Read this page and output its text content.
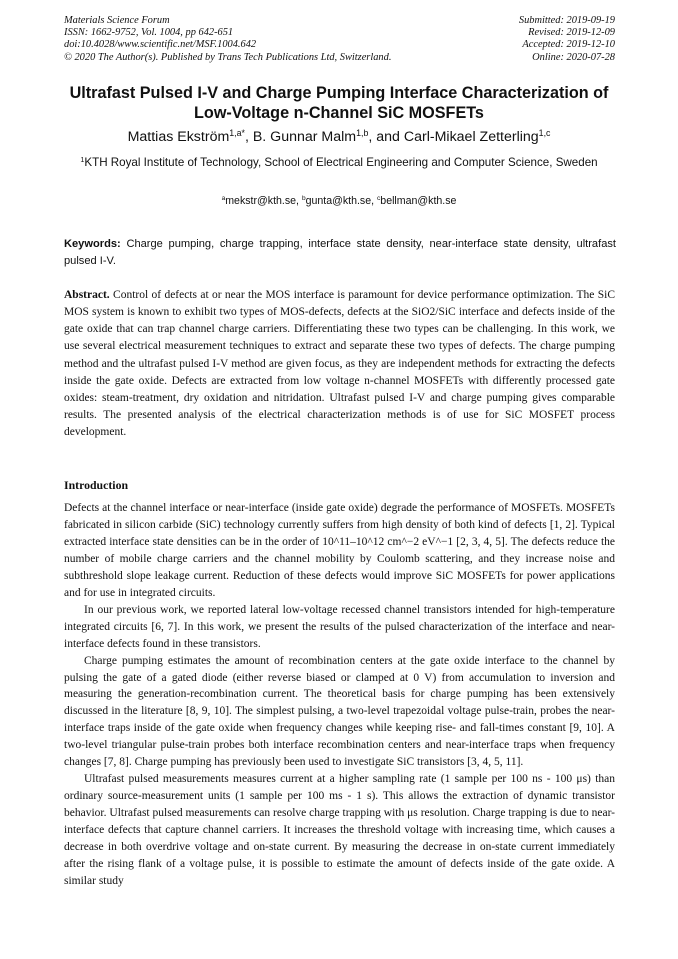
Materials Science Forum
ISSN: 1662-9752, Vol. 1004, pp 642-651
doi:10.4028/www.scientific.net/MSF.1004.642
© 2020 The Author(s). Published by Trans Tech Publications Ltd, Switzerland.
Submitted: 2019-09-19
Revised: 2019-12-09
Accepted: 2019-12-10
Online: 2020-07-28
Ultrafast Pulsed I-V and Charge Pumping Interface Characterization of
Low-Voltage n-Channel SiC MOSFETs
Mattias Ekström$^{1,a*}$, B. Gunnar Malm$^{1,b}$, and Carl-Mikael Zetterling$^{1,c}$
$^1$KTH Royal Institute of Technology, School of Electrical Engineering and Computer Science, Sweden
$^a$mekstr@kth.se, $^b$gunta@kth.se, $^c$bellman@kth.se
Keywords: Charge pumping, charge trapping, interface state density, near-interface state density, ultrafast pulsed I-V.
Abstract. Control of defects at or near the MOS interface is paramount for device performance optimization. The SiC MOS system is known to exhibit two types of MOS-defects, defects at the SiO2/SiC interface and defects inside of the gate oxide that can trap channel charge carriers. Differentiating these two types can be challenging. In this work, we use several electrical measurement techniques to extract and separate these two types of defects. The charge pumping method and the ultrafast pulsed I-V method are given focus, as they are independent methods for extracting the defects inside the gate oxide. Defects are extracted from low voltage n-channel MOSFETs with differently processed gate oxides: steam-treatment, dry oxidation and nitridation. Ultrafast pulsed I-V and charge pumping gives comparable results. The presented analysis of the electrical characterization methods is of use for SiC MOSFET process development.
Introduction

Defects at the channel interface or near-interface (inside gate oxide) degrade the performance of MOSFETs. MOSFETs fabricated in silicon carbide (SiC) technology currently suffers from high density of both kind of defects [1, 2]. Typical extracted interface state densities can be in the order of 10^11–10^12 cm^−2 eV^−1 [2, 3, 4, 5]. The defects reduce the number of mobile charge carriers and the channel mobility by Coulomb scattering, and they increase noise and subthreshold slope leakage current. Reduction of these defects would improve SiC MOSFETs for power applications and for use in integrated circuits.

In our previous work, we reported lateral low-voltage recessed channel transistors intended for high-temperature integrated circuits [6, 7]. In this work, we present the results of the pulsed characterization of the interface and near-interface defects found in these transistors.

Charge pumping estimates the amount of recombination centers at the gate oxide interface to the channel by pulsing the gate of a gated diode (either reverse biased or clamped at 0 V) from accumulation to inversion and measuring the generation-recombination current. The theoretical basis for charge pumping has been extensively discussed in the literature [8, 9, 10]. The simplest pulsing, a two-level trapezoidal voltage pulse-train, probes the near-interface traps inside of the gate oxide when frequency changes while keeping rise- and fall-times constant [9, 10]. A two-level triangular pulse-train probes both interface recombination centers and near-interface traps when frequency changes [7, 8]. Charge pumping has previously been used to investigate SiC transistors [3, 4, 5, 11].

Ultrafast pulsed measurements measures current at a higher sampling rate (1 sample per 100 ns - 100 μs) than ordinary source-measurement units (1 sample per 100 ms - 1 s). This allows the extraction of dynamic transistor behavior. Ultrafast pulsed measurements can resolve charge trapping with μs resolution. Charge trapping is due to near-interface defects that capture channel carriers. It increases the threshold voltage with increasing time, which causes a decrease in both overdrive voltage and on-state current. By measuring the decrease in on-state current immediately after the rising flank of a voltage pulse, it is possible to estimate the amount of defects inside of the gate oxide. A similar study
